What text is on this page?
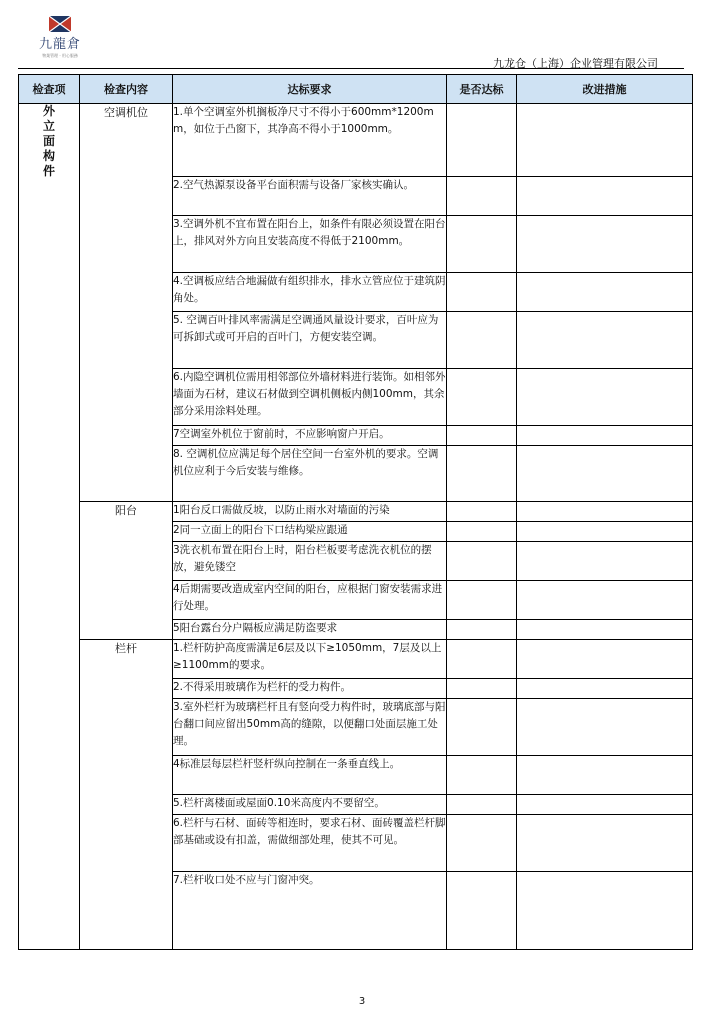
九龍倉
物業管理 · 用心服務
九龙仓（上海）企业管理有限公司
检查项	检查内容	达标要求	是否达标	改进措施

外立面构件	空调机位	1.单个空调室外机搁板净尺寸不得小于600mm*1200mm，如位于凸窗下，其净高不得小于1000mm。		
		2.空气热源泵设备平台面积需与设备厂家核实确认。		
		3.空调外机不宜布置在阳台上，如条件有限必须设置在阳台上，排风对外方向且安装高度不得低于2100mm。		
		4.空调板应结合地漏做有组织排水，排水立管应位于建筑阴角处。		
		5. 空调百叶排风率需满足空调通风量设计要求，百叶应为可拆卸式或可开启的百叶门，方便安装空调。		
		6.内隐空调机位需用相邻部位外墙材料进行装饰。如相邻外墙面为石材，建议石材做到空调机侧板内侧100mm，其余部分采用涂料处理。		
		7空调室外机位于窗前时，不应影响窗户开启。		
		8. 空调机位应满足每个居住空间一台室外机的要求。空调机位应利于今后安装与维修。		
	阳台	1阳台反口需做反坡，以防止雨水对墙面的污染		
		2同一立面上的阳台下口结构梁应跟通		
		3洗衣机布置在阳台上时，阳台栏板要考虑洗衣机位的摆放，避免镂空		
		4后期需要改造成室内空间的阳台，应根据门窗安装需求进行处理。		
		5阳台露台分户隔板应满足防盗要求		
	栏杆	1.栏杆防护高度需满足6层及以下≥1050mm，7层及以上≥1100mm的要求。		
		2.不得采用玻璃作为栏杆的受力构件。		
		3.室外栏杆为玻璃栏杆且有竖向受力构件时，玻璃底部与阳台翻口间应留出50mm高的缝隙，以便翻口处面层施工处理。		
		4标准层每层栏杆竖杆纵向控制在一条垂直线上。		
		5.栏杆离楼面或屋面0.10米高度内不要留空。		
		6.栏杆与石材、面砖等相连时，要求石材、面砖覆盖栏杆脚部基础或设有扣盖，需做细部处理，使其不可见。		
		7.栏杆收口处不应与门窗冲突。		
3
